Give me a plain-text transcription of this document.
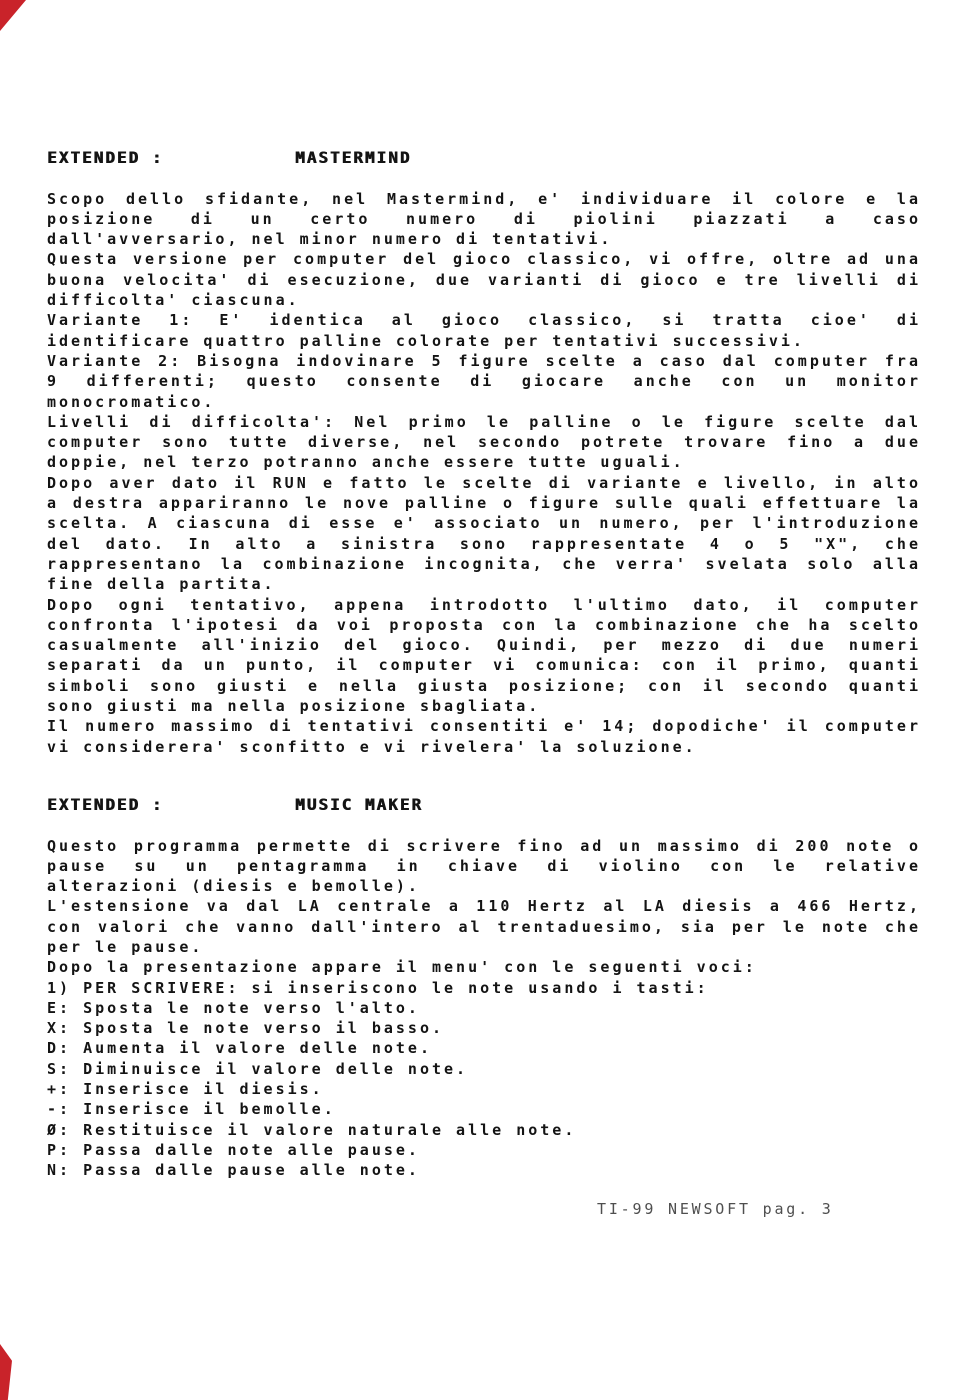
EXTENDED :	MASTERMIND
Scopo dello sfidante, nel Mastermind, e' individuare il colore e la
posizione di un certo numero di piolini piazzati a caso
dall'avversario, nel minor numero di tentativi.
Questa versione per computer del gioco classico, vi offre, oltre ad una
buona velocita' di esecuzione, due varianti di gioco e tre livelli di
difficolta' ciascuna.
Variante 1: E' identica al gioco classico, si tratta cioe' di
identificare quattro palline colorate per tentativi successivi.
Variante 2: Bisogna indovinare 5 figure scelte a caso dal computer fra
9 differenti; questo consente di giocare anche con un monitor
monocromatico.
Livelli di difficolta': Nel primo le palline o le figure scelte dal
computer sono tutte diverse, nel secondo potrete trovare fino a due
doppie, nel terzo potranno anche essere tutte uguali.
Dopo aver dato il RUN e fatto le scelte di variante e livello, in alto
a destra appariranno le nove palline o figure sulle quali effettuare la
scelta. A ciascuna di esse e' associato un numero, per l'introduzione
del dato. In alto a sinistra sono rappresentate 4 o 5 "X", che
rappresentano la combinazione incognita, che verra' svelata solo alla
fine della partita.
Dopo ogni tentativo, appena introdotto l'ultimo dato, il computer
confronta l'ipotesi da voi proposta con la combinazione che ha scelto
casualmente all'inizio del gioco. Quindi, per mezzo di due numeri
separati da un punto, il computer vi comunica: con il primo, quanti
simboli sono giusti e nella giusta posizione; con il secondo quanti
sono giusti ma nella posizione sbagliata.
Il numero massimo di tentativi consentiti e' 14; dopodiche' il computer
vi considerera' sconfitto e vi rivelera' la soluzione.
EXTENDED :	MUSIC MAKER
Questo programma permette di scrivere fino ad un massimo di 200 note o
pause su un pentagramma in chiave di violino con le relative
alterazioni (diesis e bemolle).
L'estensione va dal LA centrale a 110 Hertz al LA diesis a 466 Hertz,
con valori che vanno dall'intero al trentaduesimo, sia per le note che
per le pause.
Dopo la presentazione appare il menu' con le seguenti voci:
1) PER SCRIVERE: si inseriscono le note usando i tasti:
E: Sposta le note verso l'alto.
X: Sposta le note verso il basso.
D: Aumenta il valore delle note.
S: Diminuisce il valore delle note.
+: Inserisce il diesis.
-: Inserisce il bemolle.
Ø: Restituisce il valore naturale alle note.
P: Passa dalle note alle pause.
N: Passa dalle pause alle note.
TI-99 NEWSOFT pag. 3
